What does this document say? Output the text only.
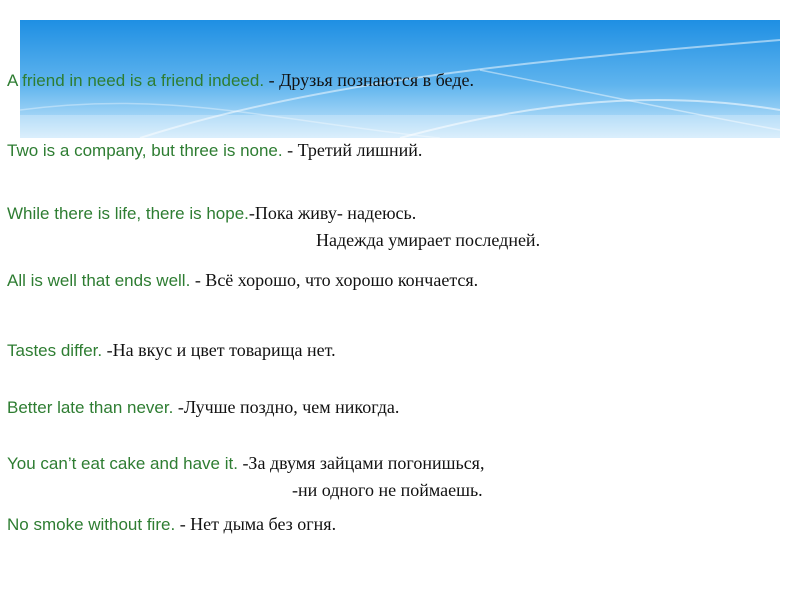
A friend in need is a friend indeed. - Друзья познаются в беде.
Two is a company, but three is none. - Третий лишний.
While there is life, there is hope.-Пока живу- надеюсь.
Надежда умирает последней.
All is well that ends well. - Всё хорошо, что хорошо кончается.
Tastes differ. -На вкус и цвет товарища нет.
Better late than never. -Лучше поздно, чем никогда.
You can’t eat cake and have it. -За двумя зайцами погонишься,
-ни одного не поймаешь.
No smoke without fire. - Нет дыма без огня.
